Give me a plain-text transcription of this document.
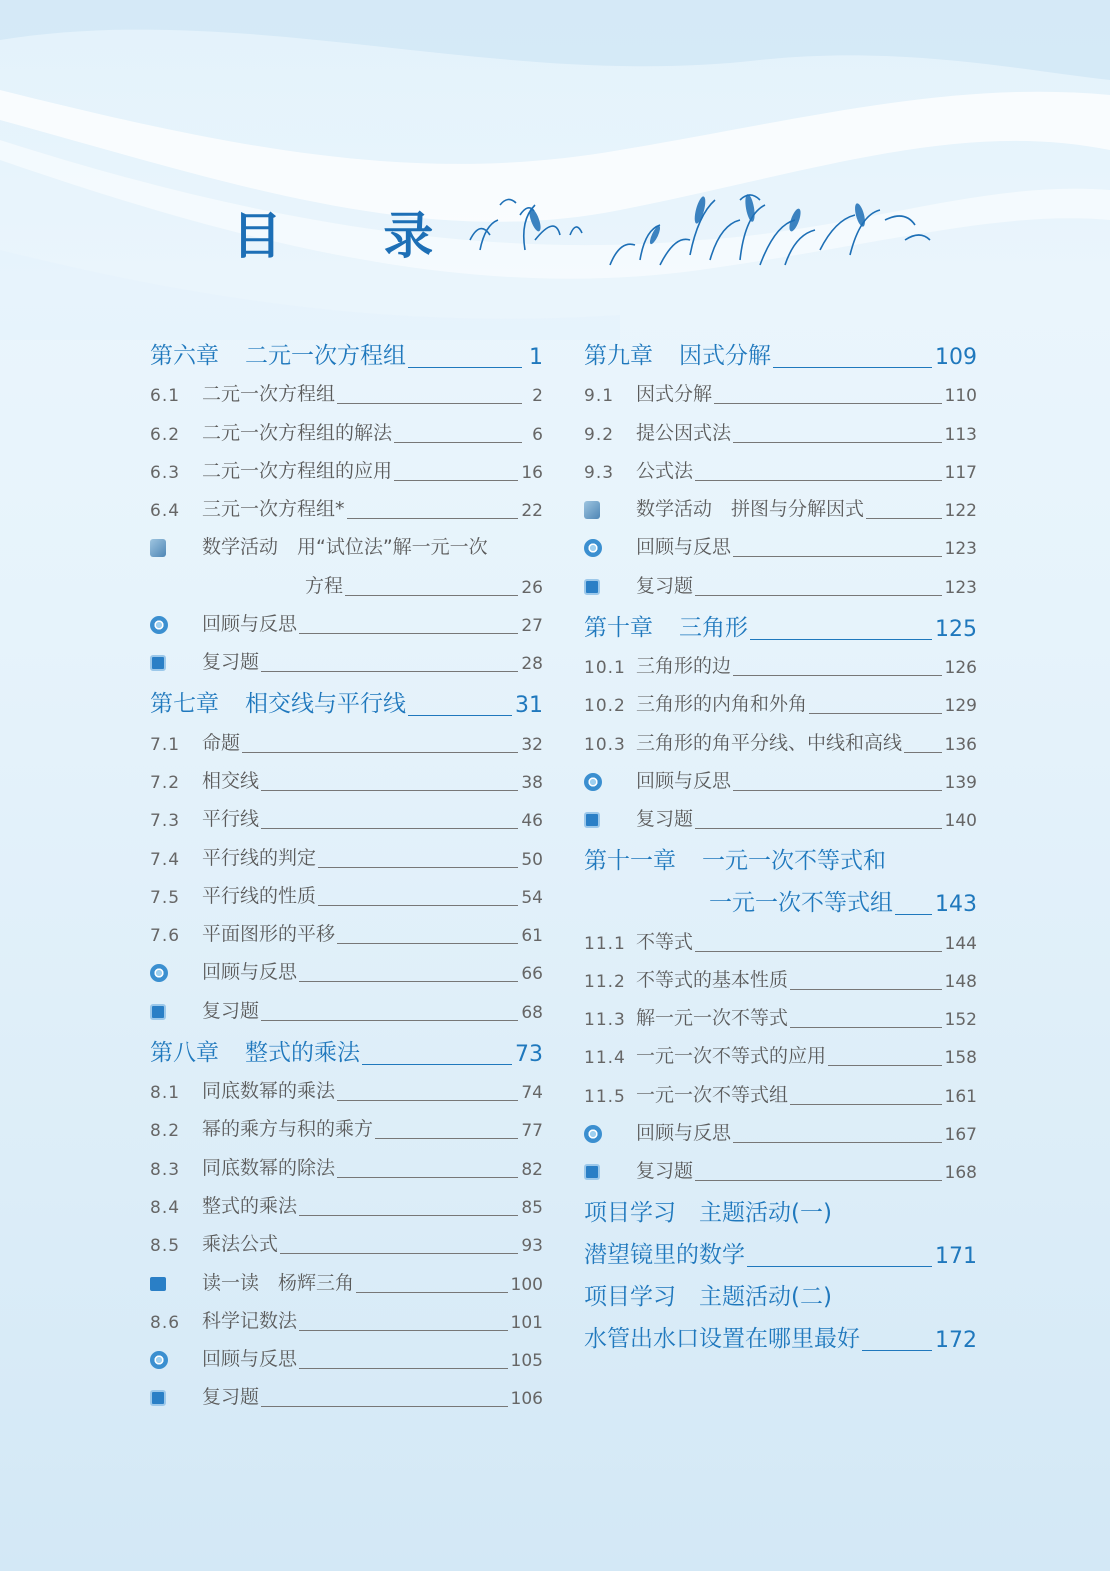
目 录
第六章 二元一次方程组	1
6.1	二元一次方程组	2
6.2	二元一次方程组的解法	6
6.3	二元一次方程组的应用	16
6.4	三元一次方程组*	22
数学活动　用“试位法”解一元一次
方程	26
回顾与反思	27
复习题	28
第七章 相交线与平行线	31
7.1	命题	32
7.2	相交线	38
7.3	平行线	46
7.4	平行线的判定	50
7.5	平行线的性质	54
7.6	平面图形的平移	61
回顾与反思	66
复习题	68
第八章 整式的乘法	73
8.1	同底数幂的乘法	74
8.2	幂的乘方与积的乘方	77
8.3	同底数幂的除法	82
8.4	整式的乘法	85
8.5	乘法公式	93
读一读　杨辉三角	100
8.6	科学记数法	101
回顾与反思	105
复习题	106
第九章 因式分解	109
9.1	因式分解	110
9.2	提公因式法	113
9.3	公式法	117
数学活动　拼图与分解因式	122
回顾与反思	123
复习题	123
第十章 三角形	125
10.1 三角形的边	126
10.2 三角形的内角和外角	129
10.3 三角形的角平分线、中线和高线	136
回顾与反思	139
复习题	140
第十一章 一元一次不等式和
一元一次不等式组 143
11.1 不等式	144
11.2 不等式的基本性质	148
11.3 解一元一次不等式	152
11.4 一元一次不等式的应用	158
11.5 一元一次不等式组	161
回顾与反思	167
复习题	168
项目学习　主题活动(一)
潜望镜里的数学	171
项目学习　主题活动(二)
水管出水口设置在哪里最好	172
